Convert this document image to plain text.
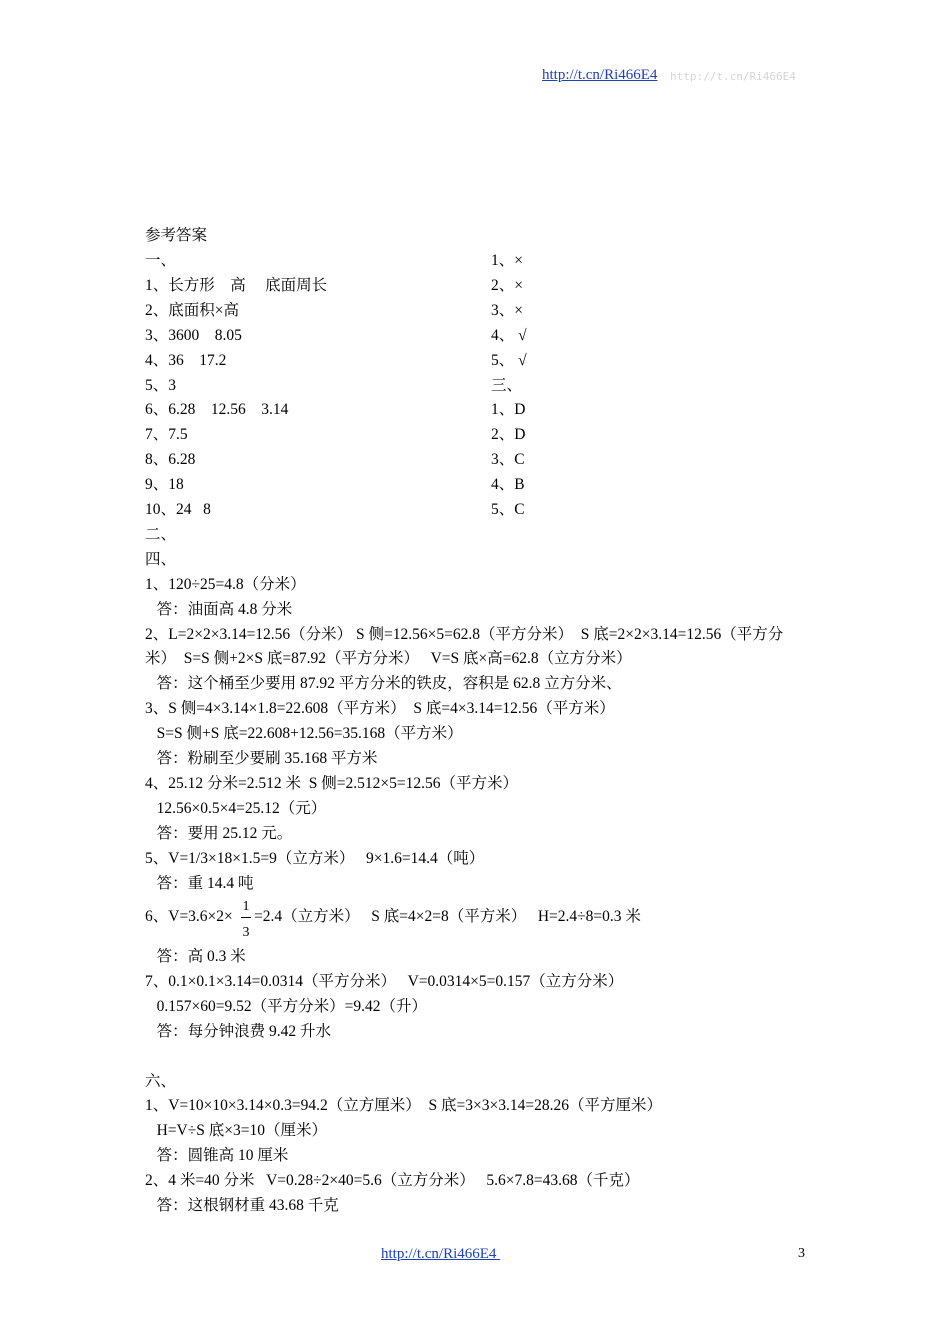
http://t.cn/Ri466E4 http://t.cn/Ri466E4
参考答案
一、
1、长方形    高     底面周长
2、底面积×高
3、3600    8.05
4、36    17.2
5、3
6、6.28    12.56    3.14
7、7.5
8、6.28
9、18
10、24   8
二、
四、
1、120÷25=4.8（分米）
答：油面高 4.8 分米
2、L=2×2×3.14=12.56（分米） S 侧=12.56×5=62.8（平方分米）  S 底=2×2×3.14=12.56（平方分
米）  S=S 侧+2×S 底=87.92（平方分米）   V=S 底×高=62.8（立方分米）
答：这个桶至少要用 87.92 平方分米的铁皮，容积是 62.8 立方分米、
3、S 侧=4×3.14×1.8=22.608（平方米）  S 底=4×3.14=12.56（平方米）
S=S 侧+S 底=22.608+12.56=35.168（平方米）
答：粉刷至少要刷 35.168 平方米
4、25.12 分米=2.512 米  S 侧=2.512×5=12.56（平方米）
12.56×0.5×4=25.12（元）
答：要用 25.12 元。
5、V=1/3×18×1.5=9（立方米）   9×1.6=14.4（吨）
答：重 14.4 吨
1、×
2、×
3、×
4、 √
5、 √
三、
1、D
2、D
3、C
4、B
5、C
6、V=3.6×2×
1
3
=2.4（立方米）   S 底=4×2=8（平方米）   H=2.4÷8=0.3 米
答：高 0.3 米
7、0.1×0.1×3.14=0.0314（平方分米）   V=0.0314×5=0.157（立方分米）
0.157×60=9.52（平方分米）=9.42（升）
答：每分钟浪费 9.42 升水
六、
1、V=10×10×3.14×0.3=94.2（立方厘米）  S 底=3×3×3.14=28.26（平方厘米）
H=V÷S 底×3=10（厘米）
答：圆锥高 10 厘米
2、4 米=40 分米   V=0.28÷2×40=5.6（立方分米）   5.6×7.8=43.68（千克）
答：这根钢材重 43.68 千克
http://t.cn/Ri466E4	3
